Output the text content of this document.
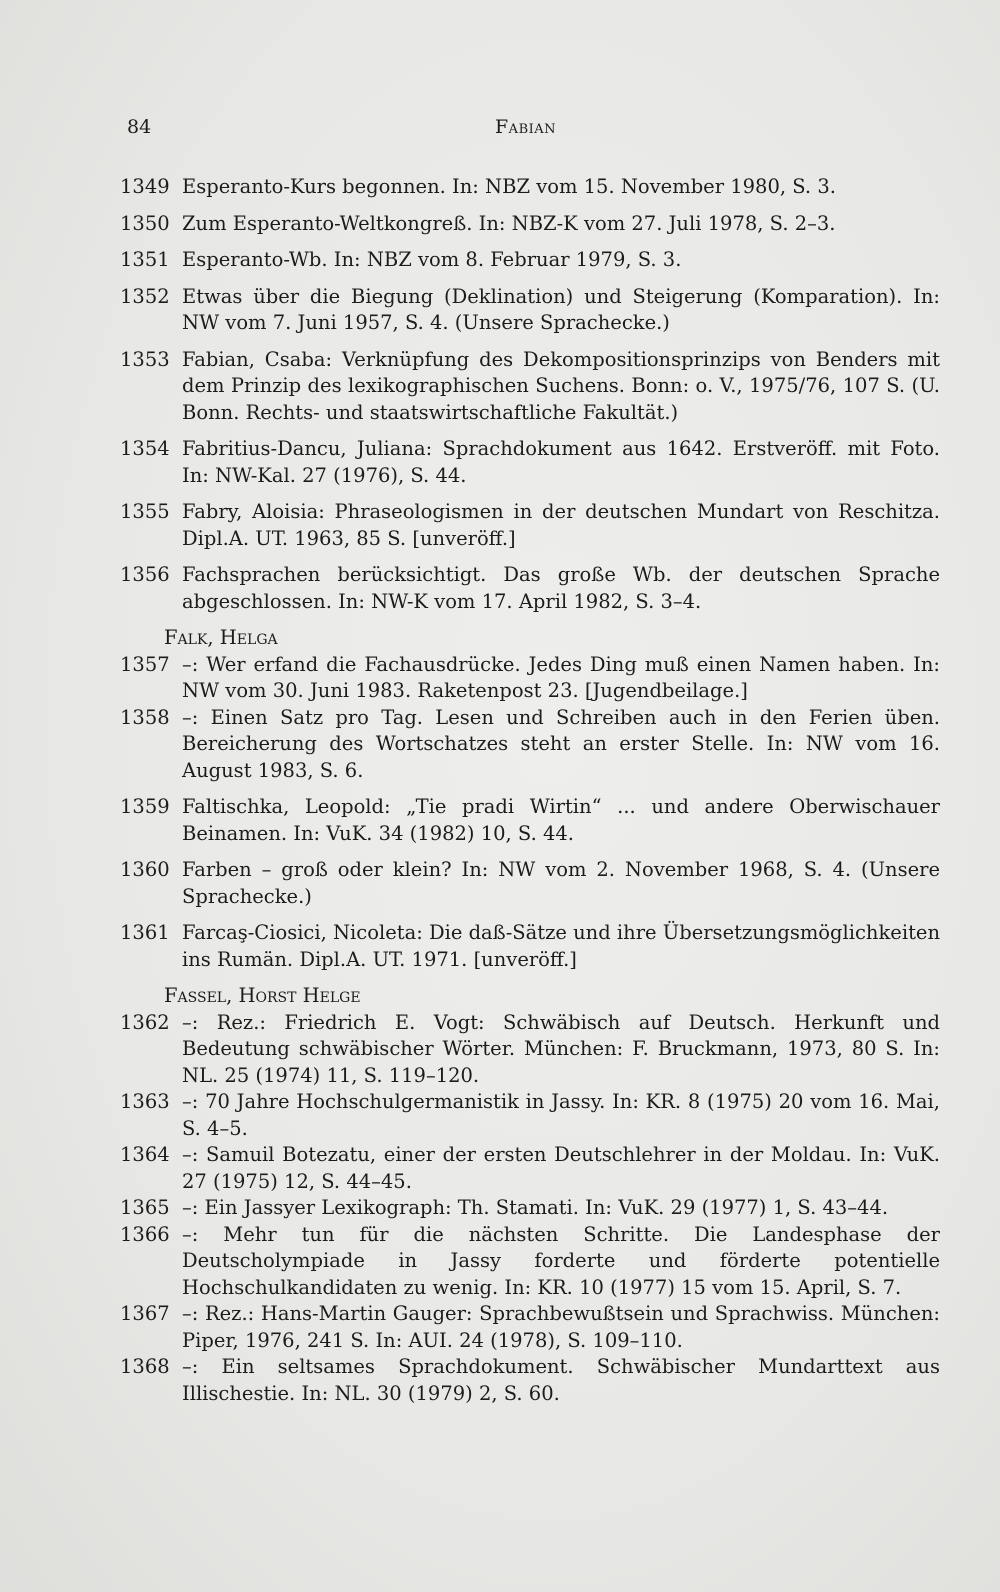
84	Fabian
1349 Esperanto-Kurs begonnen. In: NBZ vom 15. November 1980, S. 3.
1350 Zum Esperanto-Weltkongreß. In: NBZ-K vom 27. Juli 1978, S. 2–3.
1351 Esperanto-Wb. In: NBZ vom 8. Februar 1979, S. 3.
1352 Etwas über die Biegung (Deklination) und Steigerung (Komparation). In: NW vom 7. Juni 1957, S. 4. (Unsere Sprachecke.)
1353 Fabian, Csaba: Verknüpfung des Dekompositionsprinzips von Benders mit dem Prinzip des lexikographischen Suchens. Bonn: o. V., 1975/76, 107 S. (U. Bonn. Rechts- und staatswirtschaftliche Fakultät.)
1354 Fabritius-Dancu, Juliana: Sprachdokument aus 1642. Erstveröff. mit Foto. In: NW-Kal. 27 (1976), S. 44.
1355 Fabry, Aloisia: Phraseologismen in der deutschen Mundart von Reschitza. Dipl.A. UT. 1963, 85 S. [unveröff.]
1356 Fachsprachen berücksichtigt. Das große Wb. der deutschen Sprache abgeschlossen. In: NW-K vom 17. April 1982, S. 3–4.
Falk, Helga
1357 –: Wer erfand die Fachausdrücke. Jedes Ding muß einen Namen haben. In: NW vom 30. Juni 1983. Raketenpost 23. [Jugendbeilage.]
1358 –: Einen Satz pro Tag. Lesen und Schreiben auch in den Ferien üben. Bereicherung des Wortschatzes steht an erster Stelle. In: NW vom 16. August 1983, S. 6.
1359 Faltischka, Leopold: „Tie pradi Wirtin“ ... und andere Oberwischauer Beinamen. In: VuK. 34 (1982) 10, S. 44.
1360 Farben – groß oder klein? In: NW vom 2. November 1968, S. 4. (Unsere Sprachecke.)
1361 Farcaş-Ciosici, Nicoleta: Die daß-Sätze und ihre Übersetzungsmöglichkeiten ins Rumän. Dipl.A. UT. 1971. [unveröff.]
Fassel, Horst Helge
1362 –: Rez.: Friedrich E. Vogt: Schwäbisch auf Deutsch. Herkunft und Bedeutung schwäbischer Wörter. München: F. Bruckmann, 1973, 80 S. In: NL. 25 (1974) 11, S. 119–120.
1363 –: 70 Jahre Hochschulgermanistik in Jassy. In: KR. 8 (1975) 20 vom 16. Mai, S. 4–5.
1364 –: Samuil Botezatu, einer der ersten Deutschlehrer in der Moldau. In: VuK. 27 (1975) 12, S. 44–45.
1365 –: Ein Jassyer Lexikograph: Th. Stamati. In: VuK. 29 (1977) 1, S. 43–44.
1366 –: Mehr tun für die nächsten Schritte. Die Landesphase der Deutscholympiade in Jassy forderte und förderte potentielle Hochschulkandidaten zu wenig. In: KR. 10 (1977) 15 vom 15. April, S. 7.
1367 –: Rez.: Hans-Martin Gauger: Sprachbewußtsein und Sprachwiss. München: Piper, 1976, 241 S. In: AUI. 24 (1978), S. 109–110.
1368 –: Ein seltsames Sprachdokument. Schwäbischer Mundarttext aus Illischestie. In: NL. 30 (1979) 2, S. 60.
